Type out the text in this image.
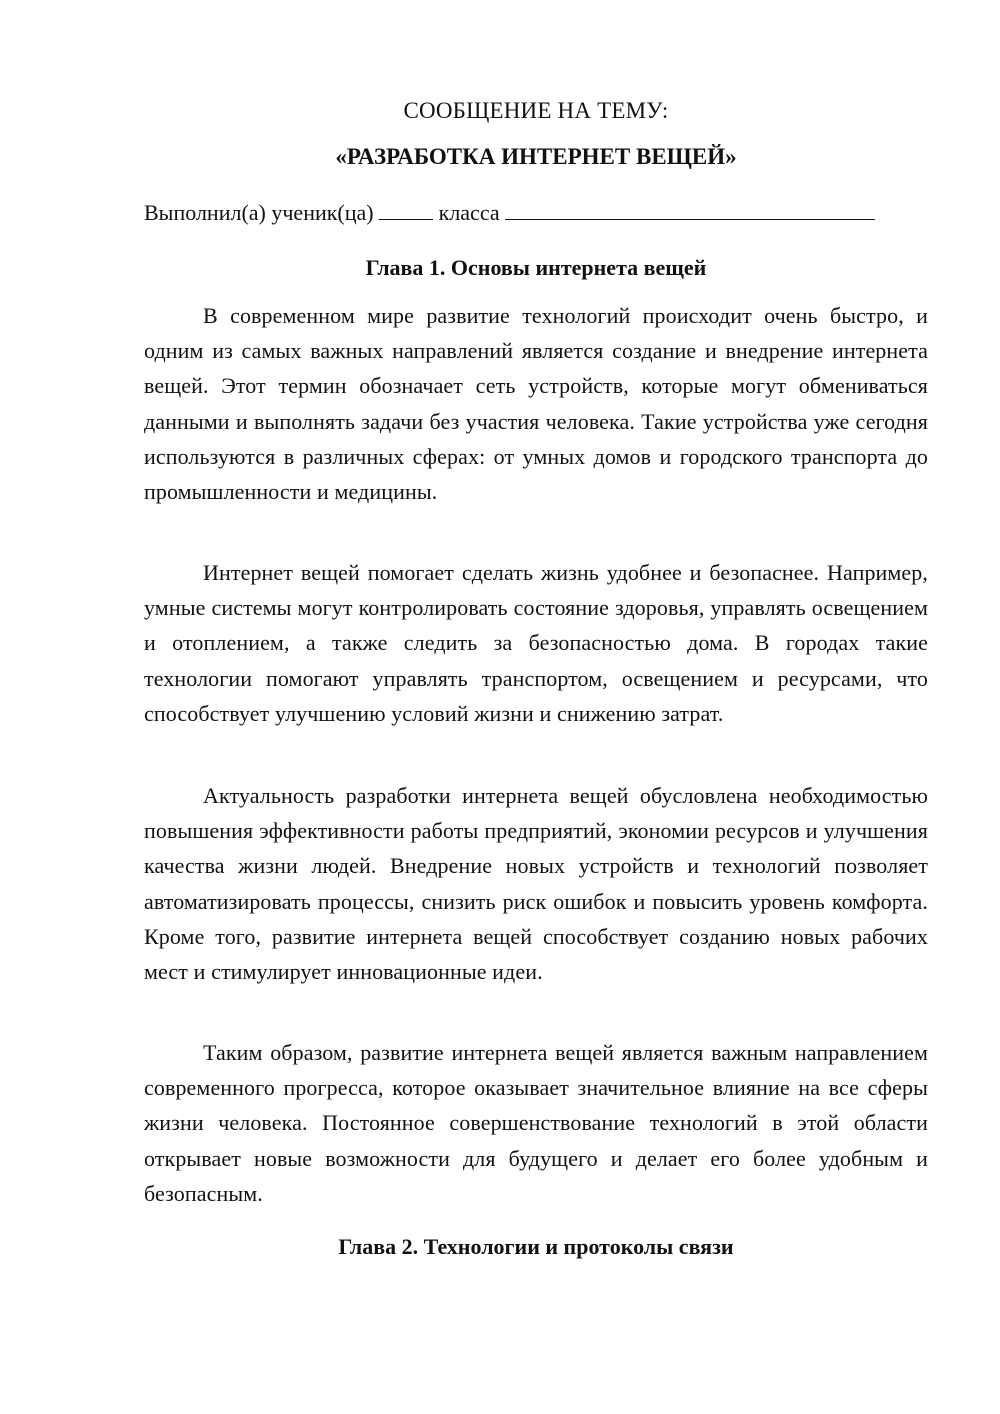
СООБЩЕНИЕ НА ТЕМУ:
«РАЗРАБОТКА ИНТЕРНЕТ ВЕЩЕЙ»
Выполнил(а) ученик(ца)	класса
Глава 1. Основы интернета вещей

В современном мире развитие технологий происходит очень быстро, и одним из самых важных направлений является создание и внедрение интернета вещей. Этот термин обозначает сеть устройств, которые могут обмениваться данными и выполнять задачи без участия человека. Такие устройства уже сегодня используются в различных сферах: от умных домов и городского транспорта до промышленности и медицины.

Интернет вещей помогает сделать жизнь удобнее и безопаснее. Например, умные системы могут контролировать состояние здоровья, управлять освещением и отоплением, а также следить за безопасностью дома. В городах такие технологии помогают управлять транспортом, освещением и ресурсами, что способствует улучшению условий жизни и снижению затрат.

Актуальность разработки интернета вещей обусловлена необходимостью повышения эффективности работы предприятий, экономии ресурсов и улучшения качества жизни людей. Внедрение новых устройств и технологий позволяет автоматизировать процессы, снизить риск ошибок и повысить уровень комфорта. Кроме того, развитие интернета вещей способствует созданию новых рабочих мест и стимулирует инновационные идеи.

Таким образом, развитие интернета вещей является важным направлением современного прогресса, которое оказывает значительное влияние на все сферы жизни человека. Постоянное совершенствование технологий в этой области открывает новые возможности для будущего и делает его более удобным и безопасным.

Глава 2. Технологии и протоколы связи
